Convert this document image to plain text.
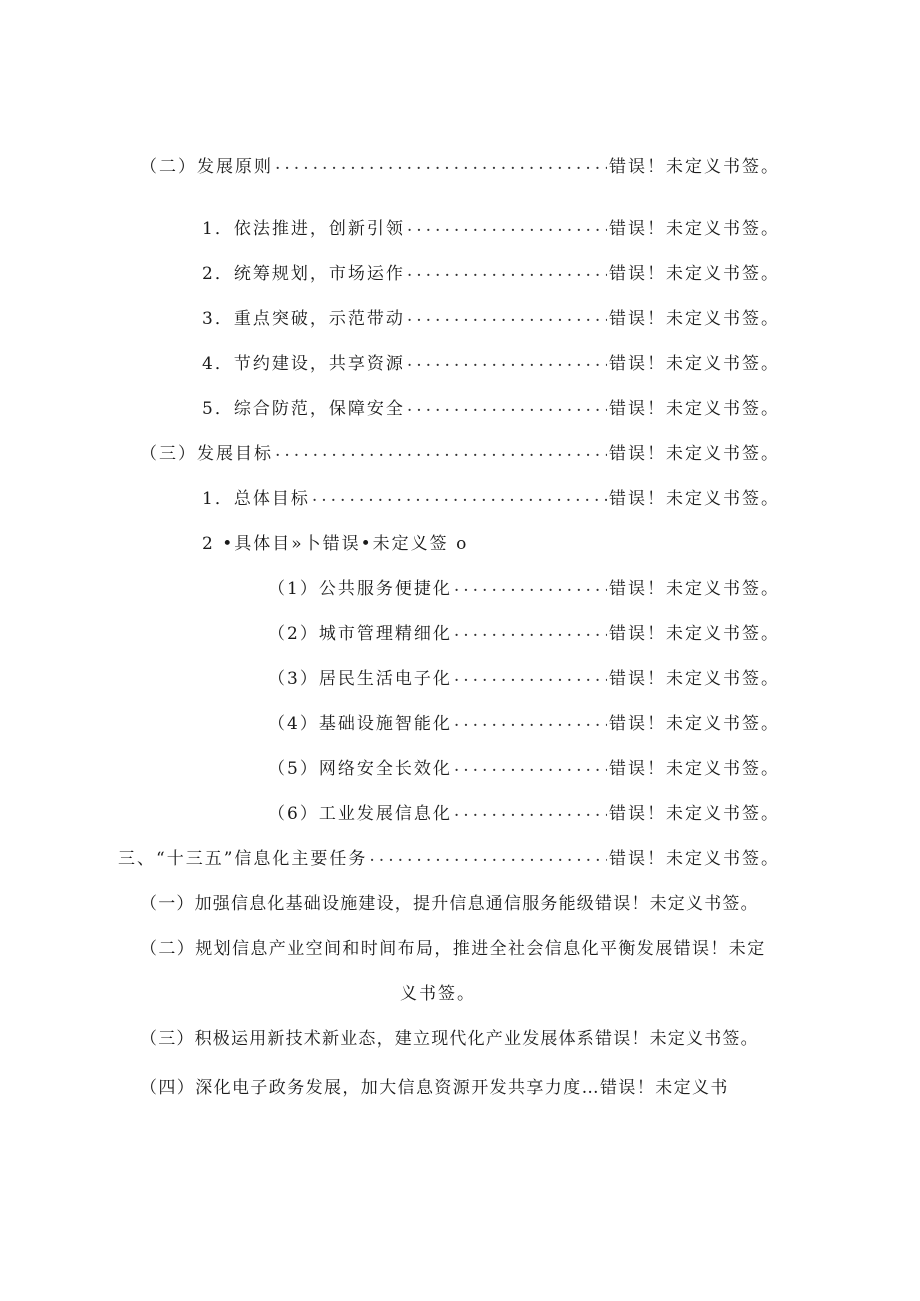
（二）发展原则 .....	错误！未定义书签。
1．依法推进，创新引领 .....	错误！未定义书签。
2．统筹规划，市场运作 .....	错误！未定义书签。
3．重点突破，示范带动 .....	错误！未定义书签。
4．节约建设，共享资源 .....	错误！未定义书签。
5．综合防范，保障安全 .....	错误！未定义书签。
（三）发展目标 .....	错误！未定义书签。
1．总体目标 .....	错误！未定义书签。
2 •具体目»卜错误•未定义签 o
（1）公共服务便捷化 .....	错误！未定义书签。
（2）城市管理精细化 .....	错误！未定义书签。
（3）居民生活电子化 .....	错误！未定义书签。
（4）基础设施智能化 .....	错误！未定义书签。
（5）网络安全长效化 .....	错误！未定义书签。
（6）工业发展信息化 .....	错误！未定义书签。
三、“十三五”信息化主要任务 .....	错误！未定义书签。
（一）加强信息化基础设施建设，提升信息通信服务能级错误！未定义书签。
（二）规划信息产业空间和时间布局，推进全社会信息化平衡发展错误！未定
义书签。
（三）积极运用新技术新业态，建立现代化产业发展体系错误！未定义书签。
（四）深化电子政务发展，加大信息资源开发共享力度…错误！未定义书
